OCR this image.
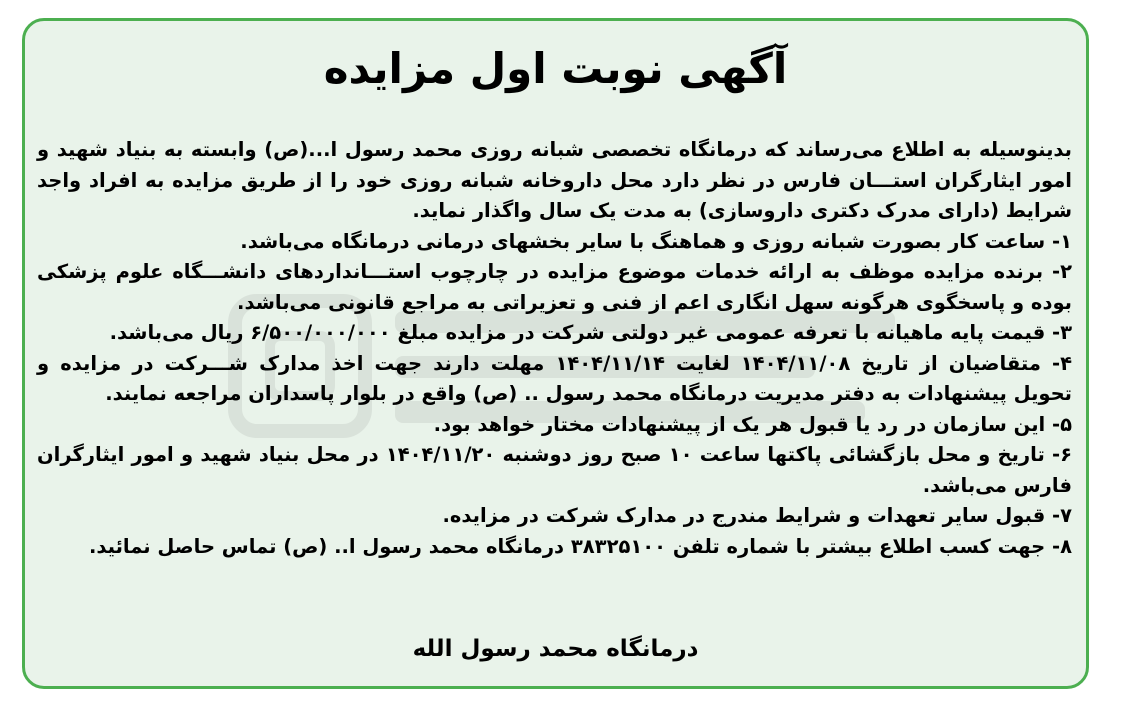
آگهی نوبت اول مزایده

بدینوسیله به اطلاع می‌رساند که درمانگاه تخصصی شبانه روزی محمد رسول ا...(ص) وابسته به بنیاد شهید و امور ایثارگران استـــان فارس در نظر دارد محل داروخانه شبانه روزی خود را از طریق مزایده به افراد واجد شرایط (دارای مدرک دکتری داروسازی) به مدت یک سال واگذار نماید.

۱- ساعت کار بصورت شبانه روزی و هماهنگ با سایر بخشهای درمانی درمانگاه می‌باشد.

۲- برنده مزایده موظف به ارائه خدمات موضوع مزایده در چارچوب استـــانداردهای دانشـــگاه علوم پزشکی بوده و پاسخگوی هرگونه سهل انگاری اعم از فنی و تعزیراتی به مراجع قانونی می‌باشد.

۳- قیمت پایه ماهیانه با تعرفه عمومی غیر دولتی شرکت در مزایده مبلغ ۶/۵۰۰/۰۰۰/۰۰۰ ریال می‌باشد.

۴- متقاضیان از تاریخ ۱۴۰۴/۱۱/۰۸ لغایت ۱۴۰۴/۱۱/۱۴ مهلت دارند جهت اخذ مدارک شـــرکت در مزایده و تحویل پیشنهادات به دفتر مدیریت درمانگاه محمد رسول .. (ص) واقع در بلوار پاسداران مراجعه نمایند.

۵- این سازمان در رد یا قبول هر یک از پیشنهادات مختار خواهد بود.

۶- تاریخ و محل بازگشائی پاکتها ساعت ۱۰ صبح روز دوشنبه ۱۴۰۴/۱۱/۲۰ در محل بنیاد شهید و امور ایثارگران فارس می‌باشد.

۷- قبول سایر تعهدات و شرایط مندرج در مدارک شرکت در مزایده.

۸- جهت کسب اطلاع بیشتر با شماره تلفن ۳۸۳۲۵۱۰۰ درمانگاه محمد رسول ا.. (ص) تماس حاصل نمائید.

درمانگاه محمد رسول الله
